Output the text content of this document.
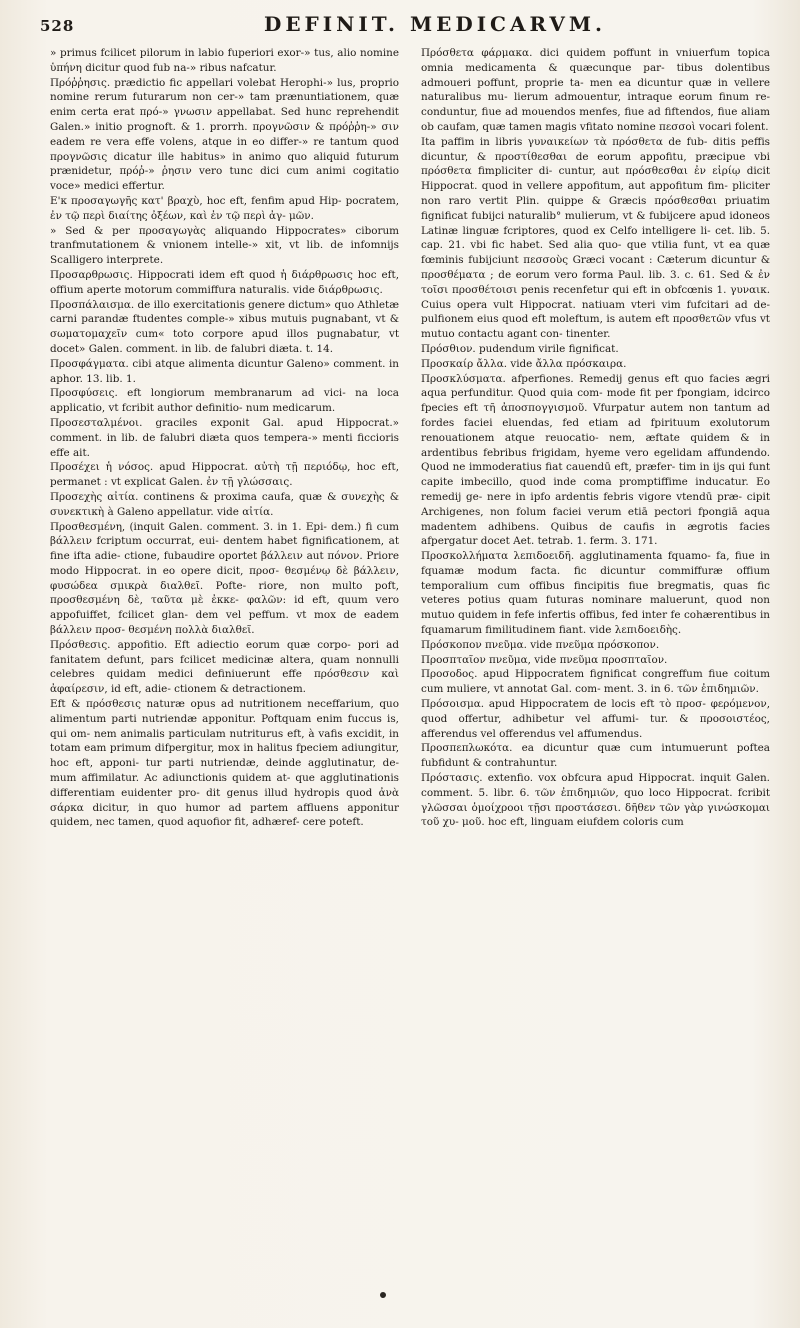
528	DEFINIT. MEDICARVM.

» primus fcilicet pilorum in labio fuperiori exor-» tus, alio nomine ὑπήνη dicitur quod fub na-» ribus nafcatur.

Πρόῤῥησις. prædictio fic appellari volebat Herophi-» lus, proprio nomine rerum futurarum non cer-» tam prænuntiationem, quæ enim certa erat πρό-» γνωσιν appellabat. Sed hunc reprehendit Galen.» initio prognoft. & 1. prorrh. προγνῶσιν & πρόῤῥη-» σιν eadem re vera effe volens, atque in eo differ-» re tantum quod προγνῶσις dicatur ille habitus» in animo quo aliquid futurum prænidetur, πρόῤ-» ῥησιν vero tunc dici cum animi cogitatio voce» medici effertur.

E'κ προσαγωγῆς κατ' βραχὺ, hoc eft, fenfim apud Hip- pocratem, ἐν τῷ περὶ διαίτης ὀξέων, καὶ ἐν τῷ περὶ ἀγ- μῶν.

» Sed & per προσαγωγὰς aliquando Hippocrates» ciborum tranfmutationem & vnionem intelle-» xit, vt lib. de infomnijs Scalligero interprete.

Προσαρθρωσις. Hippocrati idem eft quod ἡ διάρθρωσις hoc eft, offium aperte motorum commiffura naturalis. vide διάρθρωσις.

Προσπάλαισμα. de illo exercitationis genere dictum» quo Athletæ carni parandæ ftudentes comple-» xibus mutuis pugnabant, vt & σωματομαχεῖν cum« toto corpore apud illos pugnabatur, vt docet» Galen. comment. in lib. de falubri diæta. t. 14.

Προσφάγματα. cibi atque alimenta dicuntur Galeno» comment. in aphor. 13. lib. 1.

Προσφύσεις. eft longiorum membranarum ad vici- na loca applicatio, vt fcribit author definitio- num medicarum.

Προσεσταλμένοι. graciles exponit Gal. apud Hippocrat.» comment. in lib. de falubri diæta quos tempera-» menti ficcioris effe ait.

Προσέχει ἡ νόσος. apud Hippocrat. αὐτὴ τῇ περιόδῳ, hoc eft, permanet : vt explicat Galen. ἐν τῇ γλώσσαις.

Προσεχὴς αἰτία. continens & proxima caufa, quæ & συνεχὴς & συνεκτικὴ à Galeno appellatur. vide αἰτία.

Προσθεσμένη, (inquit Galen. comment. 3. in 1. Epi- dem.) fi cum βάλλειν fcriptum occurrat, eui- dentem habet fignificationem, at fine ifta adie- ctione, fubaudire oportet βάλλειν aut πόνον. Priore modo Hippocrat. in eo opere dicit, προσ- θεσμένῳ δὲ βάλλειν, φυσώδεα σμικρὰ διαλθεῖ. Pofte- riore, non multo poft, προσθεσμένη δὲ, ταῦτα μὲ ἐκκε- φαλῶν: id eft, quum vero appofuiffet, fcilicet glan- dem vel peffum. vt mox de eadem βάλλειν προσ- θεσμένη πολλὰ διαλθεῖ.

Πρόσθεσις. appofitio. Eft adiectio eorum quæ corpo- pori ad fanitatem defunt, pars fcilicet medicinæ altera, quam nonnulli celebres quidam medici definiuerunt effe πρόσθεσιν καὶ ἀφαίρεσιν, id eft, adie- ctionem & detractionem.

Eft & πρόσθεσις naturæ opus ad nutritionem neceffarium, quo alimentum parti nutriendæ apponitur. Poftquam enim fuccus is, qui om- nem animalis particulam nutriturus eft, à vafis excidit, in totam eam primum difpergitur, mox in halitus fpeciem adiungitur, hoc eft, apponi- tur parti nutriendæ, deinde agglutinatur, de- mum affimilatur. Ac adiunctionis quidem at- que agglutinationis differentiam euidenter pro- dit genus illud hydropis quod ἀνὰ σάρκα dicitur, in quo humor ad partem affluens apponitur quidem, nec tamen, quod aquofior fit, adhæref- cere poteft.

Πρόσθετα φάρμακα. dici quidem poffunt in vniuerfum topica omnia medicamenta & quæcunque par- tibus dolentibus admoueri poffunt, proprie ta- men ea dicuntur quæ in vellere naturalibus mu- lierum admouentur, intraque eorum finum re- conduntur, fiue ad mouendos menfes, fiue ad fiftendos, fiue aliam ob caufam, quæ tamen magis vfitato nomine πεσσοὶ vocari folent.

Ita paffim in libris γυναικείων τὰ πρόσθετα de fub- ditis peffis dicuntur, & προστίθεσθαι de eorum appofitu, præcipue vbi πρόσθετα fimpliciter di- cuntur, aut πρόσθεσθαι ἐν εἰρίῳ dicit Hippocrat. quod in vellere appofitum, aut appofitum fim- pliciter non raro vertit Plin. quippe & Græcis πρόσθεσθαι priuatim fignificat fubijci naturalib° mulierum, vt & fubijcere apud idoneos Latinæ linguæ fcriptores, quod ex Celfo intelligere li- cet. lib. 5. cap. 21. vbi fic habet. Sed alia quo- que vtilia funt, vt ea quæ fœminis fubijciunt πεσσοὺς Græci vocant : Cæterum dicuntur & προσθέματα ; de eorum vero forma Paul. lib. 3. c. 61. Sed & ἐν τοῖσι προσθέτοισι penis recenfetur qui eft in obfcœnis 1. γυναικ. Cuius opera vult Hippocrat. natiuam vteri vim fufcitari ad de- pulfionem eius quod eft moleftum, is autem eft προσθετῶν vfus vt mutuo contactu agant con- tinenter.

Πρόσθιον. pudendum virile fignificat.

Προσκαίρ ἄλλα. vide ἄλλα πρόσκαιρα.

Προσκλύσματα. afperfiones. Remedij genus eft quo facies ægri aqua perfunditur. Quod quia com- mode fit per fpongiam, idcirco fpecies eft τῆ ἀποσπογγισμοῦ. Vfurpatur autem non tantum ad fordes faciei eluendas, fed etiam ad fpirituum exolutorum renouationem atque reuocatio- nem, æftate quidem & in ardentibus febribus frigidam, hyeme vero egelidam affundendo. Quod ne immoderatius fiat cauendū eft, præfer- tim in ijs qui funt capite imbecillo, quod inde coma promptiffime inducatur. Eo remedij ge- nere in ipfo ardentis febris vigore vtendū præ- cipit Archigenes, non folum faciei verum etiā pectori fpongiā aqua madentem adhibens. Quibus de caufis in ægrotis facies afpergatur docet Aet. tetrab. 1. ferm. 3. 171.

Προσκολλήματα λεπιδοειδῆ. agglutinamenta fquamo- fa, fiue in fquamæ modum facta. fic dicuntur commiffuræ offium temporalium cum offibus fincipitis fiue bregmatis, quas fic veteres potius quam futuras nominare maluerunt, quod non mutuo quidem in fefe infertis offibus, fed inter fe cohærentibus in fquamarum fimilitudinem fiant. vide λεπιδοειδὴς.

Πρόσκοπον πνεῦμα. vide πνεῦμα πρόσκοπον.

Προσπταῖον πνεῦμα, vide πνεῦμα προσπταῖον.

Προσοδος. apud Hippocratem fignificat congreffum fiue coitum cum muliere, vt annotat Gal. com- ment. 3. in 6. τῶν ἐπιδημιῶν.

Πρόσοισμα. apud Hippocratem de locis eft τὸ προσ- φερόμενον, quod offertur, adhibetur vel affumi- tur. & προσοιστέος, afferendus vel offerendus vel affumendus.

Προσπεπλωκότα. ea dicuntur quæ cum intumuerunt poftea fubfidunt & contrahuntur.

Πρόστασις. extenfio. vox obfcura apud Hippocrat. inquit Galen. comment. 5. libr. 6. τῶν ἐπιδημιῶν, quo loco Hippocrat. fcribit γλῶσσαι ὁμοίχροοι τῇσι προστάσεσι. δῆθεν τῶν γὰρ γινώσκομαι τοῦ χυ- μοῦ. hoc eft, linguam eiufdem coloris cum
